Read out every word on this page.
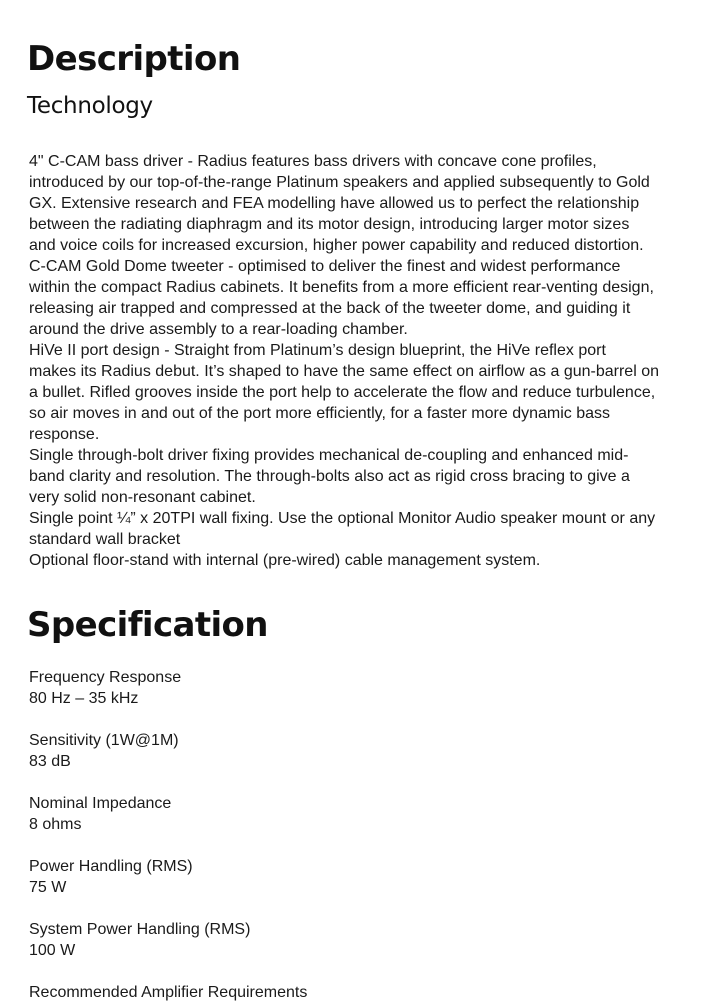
Description
Technology
4" C-CAM bass driver - Radius features bass drivers with concave cone profiles,
introduced by our top-of-the-range Platinum speakers and applied subsequently to Gold
GX. Extensive research and FEA modelling have allowed us to perfect the relationship
between the radiating diaphragm and its motor design, introducing larger motor sizes
and voice coils for increased excursion, higher power capability and reduced distortion.
C-CAM Gold Dome tweeter - optimised to deliver the finest and widest performance
within the compact Radius cabinets. It benefits from a more efficient rear-venting design,
releasing air trapped and compressed at the back of the tweeter dome, and guiding it
around the drive assembly to a rear-loading chamber.
HiVe II port design - Straight from Platinum’s design blueprint, the HiVe reflex port
makes its Radius debut. It’s shaped to have the same effect on airflow as a gun-barrel on
a bullet. Rifled grooves inside the port help to accelerate the flow and reduce turbulence,
so air moves in and out of the port more efficiently, for a faster more dynamic bass
response.
Single through-bolt driver fixing provides mechanical de-coupling and enhanced mid-
band clarity and resolution. The through-bolts also act as rigid cross bracing to give a
very solid non-resonant cabinet.
Single point ¼” x 20TPI wall fixing. Use the optional Monitor Audio speaker mount or any
standard wall bracket
Optional floor-stand with internal (pre-wired) cable management system.
Specification
Frequency Response
80 Hz – 35 kHz
Sensitivity (1W@1M)
83 dB
Nominal Impedance
8 ohms
Power Handling (RMS)
75 W
System Power Handling (RMS)
100 W
Recommended Amplifier Requirements
